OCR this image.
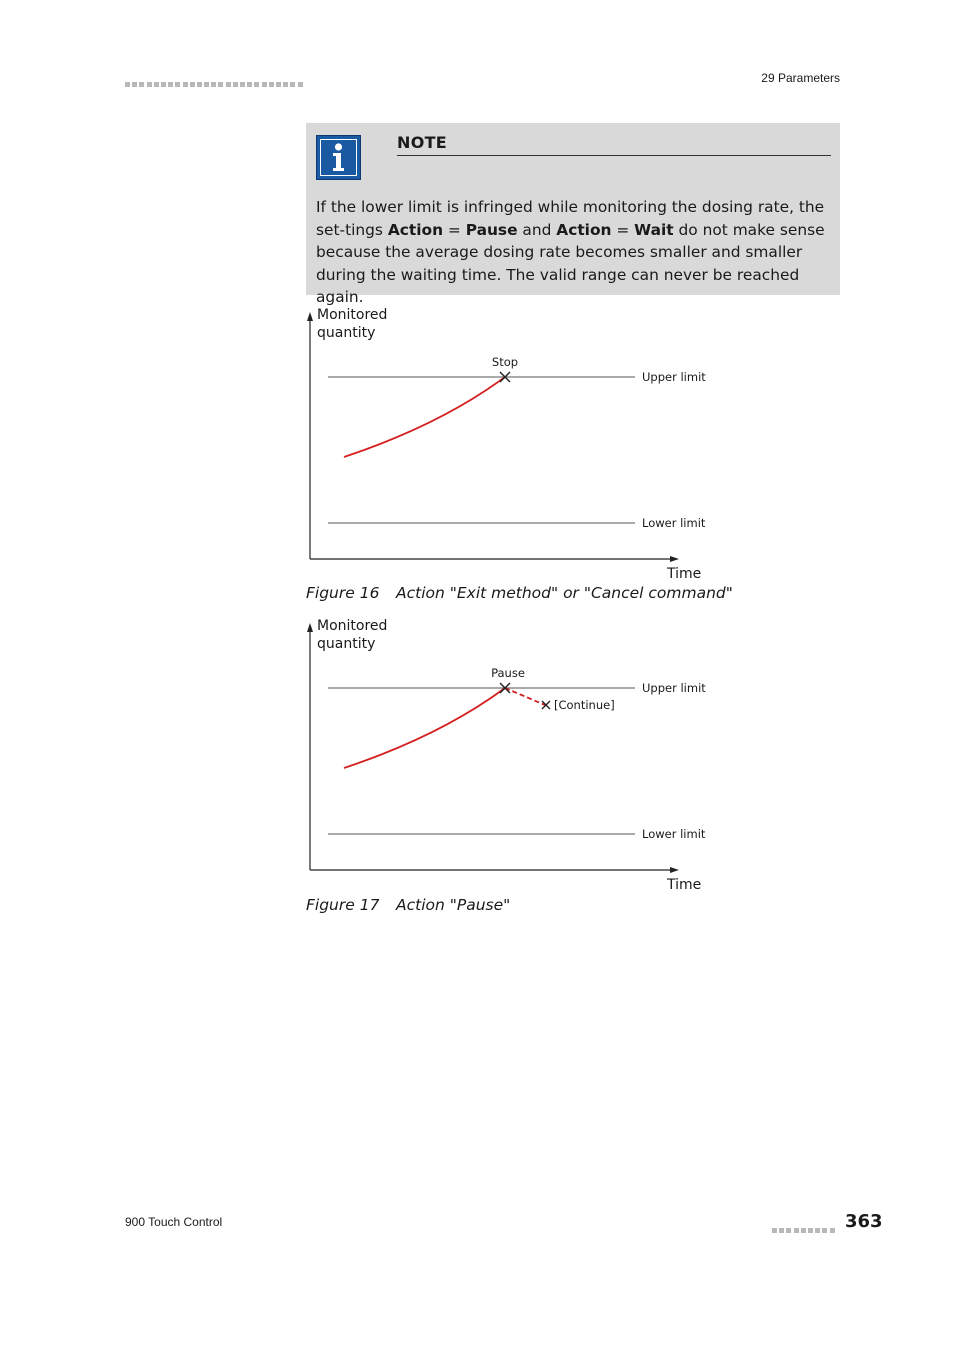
29 Parameters
NOTE
If the lower limit is infringed while monitoring the dosing rate, the set-tings Action = Pause and Action = Wait do not make sense because the average dosing rate becomes smaller and smaller during the waiting time. The valid range can never be reached again.
Monitored
quantity
Time
Upper limit
Lower limit
Stop
Figure 16 Action "Exit method" or "Cancel command"
Monitored
quantity
Time
Upper limit
Lower limit
Pause
[Continue]
Figure 17 Action "Pause"
900 Touch Control	363
